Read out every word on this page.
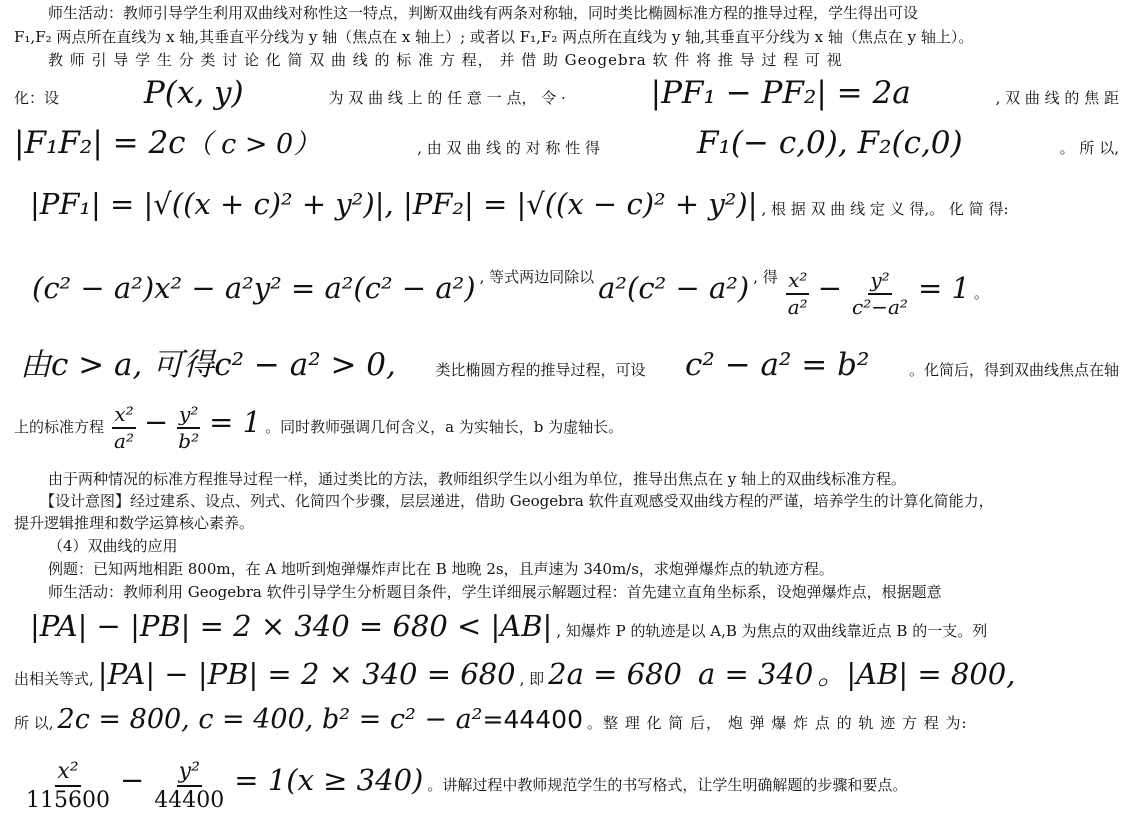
师生活动：教师引导学生利用双曲线对称性这一特点，判断双曲线有两条对称轴，同时类比椭圆标准方程的推导过程，学生得出可设
F₁,F₂ 两点所在直线为 x 轴,其垂直平分线为 y 轴（焦点在 x 轴上）; 或者以 F₁,F₂ 两点所在直线为 y 轴,其垂直平分线为 x 轴（焦点在 y 轴上）。
教 师 引 导 学 生 分 类 讨 论 化 简 双 曲 线 的 标 准 方 程， 并 借 助 Geogebra 软 件 将 推 导 过 程 可 视
化：设	P(x, y)	为 双 曲 线 上 的 任 意 一 点， 令 ·	|PF₁ − PF₂| = 2a	, 双 曲 线 的 焦 距
|F₁F₂| = 2c（ c > 0）	, 由 双 曲 线 的 对 称 性 得	F₁(− c,0), F₂(c,0)	。 所 以,
|PF₁| = |√((x + c)² + y²)|, |PF₂| = |√((x − c)² + y²)| , 根 据 双 曲 线 定 义 得,。 化 简 得:
(c² − a²)x² − a²y² = a²(c² − a²) , 等式两边同除以 a²(c² − a²) , 得 $\frac{\text{x²}}{\text{a²}} - \frac{\text{y²}}{\text{c²−a²}} = 1$ 。
由c > a, 可得c² − a² > 0,	类比椭圆方程的推导过程，可设 c² − a² = b²	。化简后，得到双曲线焦点在轴
上的标准方程 $\frac{\text{x²}}{\text{a²}} - \frac{\text{y²}}{\text{b²}} = 1$ 。同时教师强调几何含义，a 为实轴长，b 为虚轴长。
由于两种情况的标准方程推导过程一样，通过类比的方法，教师组织学生以小组为单位，推导出焦点在 y 轴上的双曲线标准方程。
【设计意图】经过建系、设点、列式、化简四个步骤，层层递进，借助 Geogebra 软件直观感受双曲线方程的严谨，培养学生的计算化简能力，
提升逻辑推理和数学运算核心素养。
（4）双曲线的应用
例题：已知两地相距 800m，在 A 地听到炮弹爆炸声比在 B 地晚 2s，且声速为 340m/s，求炮弹爆炸点的轨迹方程。
师生活动：教师利用 Geogebra 软件引导学生分析题目条件，学生详细展示解题过程：首先建立直角坐标系，设炮弹爆炸点，根据题意
|PA| − |PB| = 2 × 340 = 680 < |AB| , 知爆炸 P 的轨迹是以 A,B 为焦点的双曲线靠近点 B 的一支。列
出相关等式, |PA| − |PB| = 2 × 340 = 680 , 即 2a = 680 a = 340 。|AB| = 800,
所 以, 2c = 800, c = 400, b² = c² − a²=44400 。整 理 化 简 后， 炮 弹 爆 炸 点 的 轨 迹 方 程 为:
$\frac{\text{x²}}{115600} - \frac{\text{y²}}{44400} = 1(x \ge 340)$ 。讲解过程中教师规范学生的书写格式，让学生明确解题的步骤和要点。
